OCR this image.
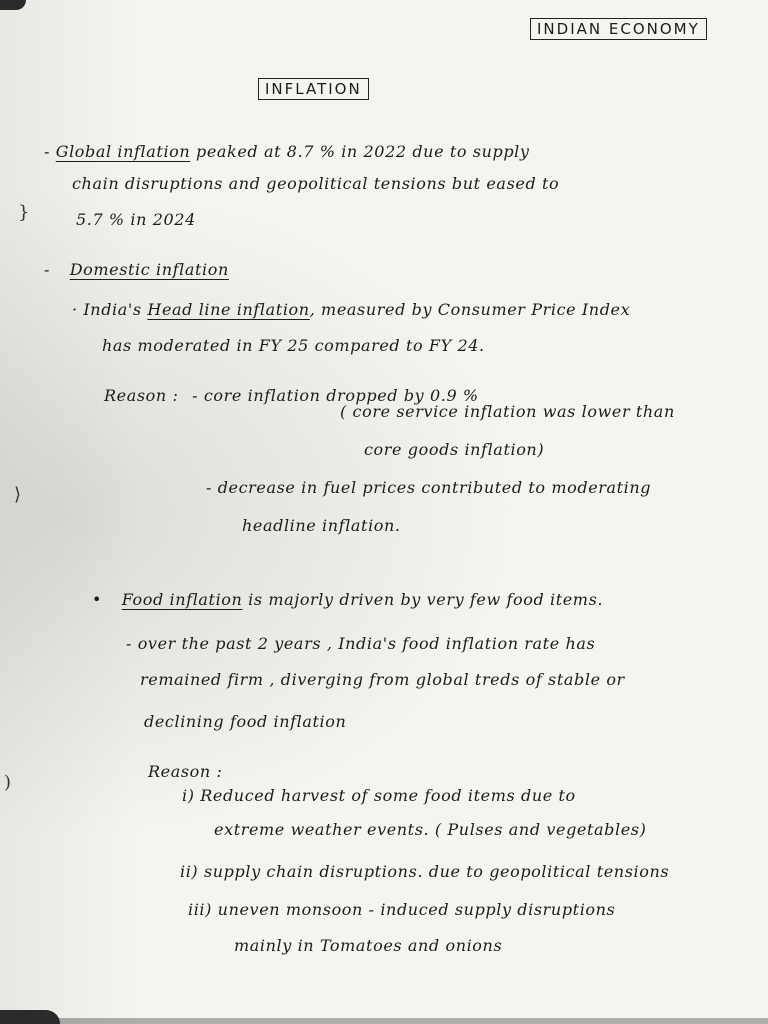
}
⟩
)
INDIAN ECONOMY
INFLATION
- Global inflation peaked at 8.7 % in 2022 due to supply
chain disruptions and geopolitical tensions but eased to
5.7 % in 2024
- Domestic inflation
· India's Head line inflation, measured by Consumer Price Index
has moderated in FY 25 compared to FY 24.
Reason : - core inflation dropped by 0.9 %
( core service inflation was lower than
core goods inflation)
- decrease in fuel prices contributed to moderating
headline inflation.
• Food inflation is majorly driven by very few food items.
- over the past 2 years , India's food inflation rate has
remained firm , diverging from global treds of stable or
declining food inflation
Reason :
i) Reduced harvest of some food items due to
extreme weather events. ( Pulses and vegetables)
ii) supply chain disruptions. due to geopolitical tensions
iii) uneven monsoon - induced supply disruptions
mainly in Tomatoes and onions
